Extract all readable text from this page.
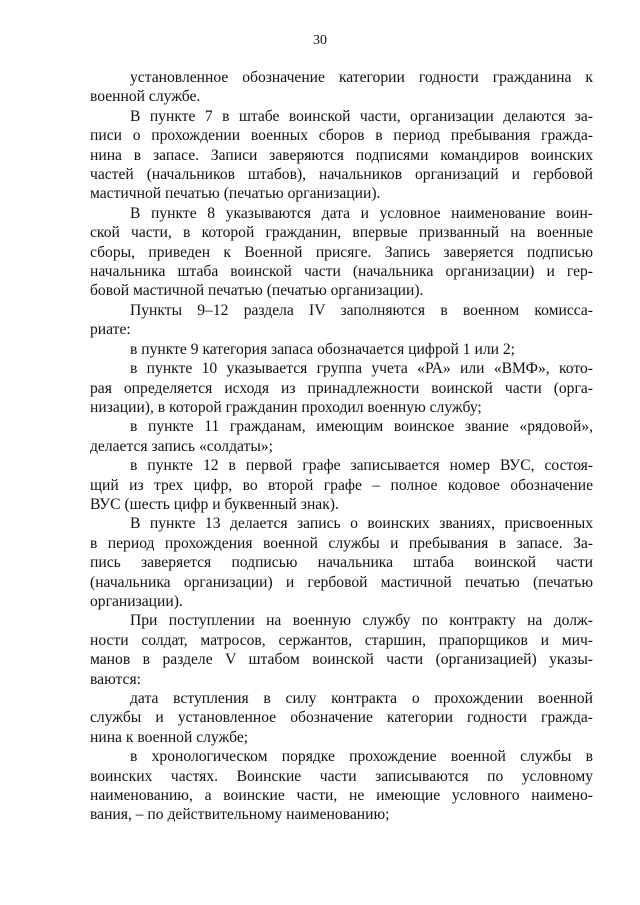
30
установленное обозначение категории годности гражданина к
военной службе.
В пункте 7 в штабе воинской части, организации делаются за-
писи о прохождении военных сборов в период пребывания гражда-
нина в запасе. Записи заверяются подписями командиров воинских
частей (начальников штабов), начальников организаций и гербовой
мастичной печатью (печатью организации).
В пункте 8 указываются дата и условное наименование воин-
ской части, в которой гражданин, впервые призванный на военные
сборы, приведен к Военной присяге. Запись заверяется подписью
начальника штаба воинской части (начальника организации) и гер-
бовой мастичной печатью (печатью организации).
Пункты 9–12 раздела IV заполняются в военном комисса-
риате:
в пункте 9 категория запаса обозначается цифрой 1 или 2;
в пункте 10 указывается группа учета «РА» или «ВМФ», кото-
рая определяется исходя из принадлежности воинской части (орга-
низации), в которой гражданин проходил военную службу;
в пункте 11 гражданам, имеющим воинское звание «рядовой»,
делается запись «солдаты»;
в пункте 12 в первой графе записывается номер ВУС, состоя-
щий из трех цифр, во второй графе – полное кодовое обозначение
ВУС (шесть цифр и буквенный знак).
В пункте 13 делается запись о воинских званиях, присвоенных
в период прохождения военной службы и пребывания в запасе. За-
пись заверяется подписью начальника штаба воинской части
(начальника организации) и гербовой мастичной печатью (печатью
организации).
При поступлении на военную службу по контракту на долж-
ности солдат, матросов, сержантов, старшин, прапорщиков и мич-
манов в разделе V штабом воинской части (организацией) указы-
ваются:
дата вступления в силу контракта о прохождении военной
службы и установленное обозначение категории годности гражда-
нина к военной службе;
в хронологическом порядке прохождение военной службы в
воинских частях. Воинские части записываются по условному
наименованию, а воинские части, не имеющие условного наимено-
вания, – по действительному наименованию;
